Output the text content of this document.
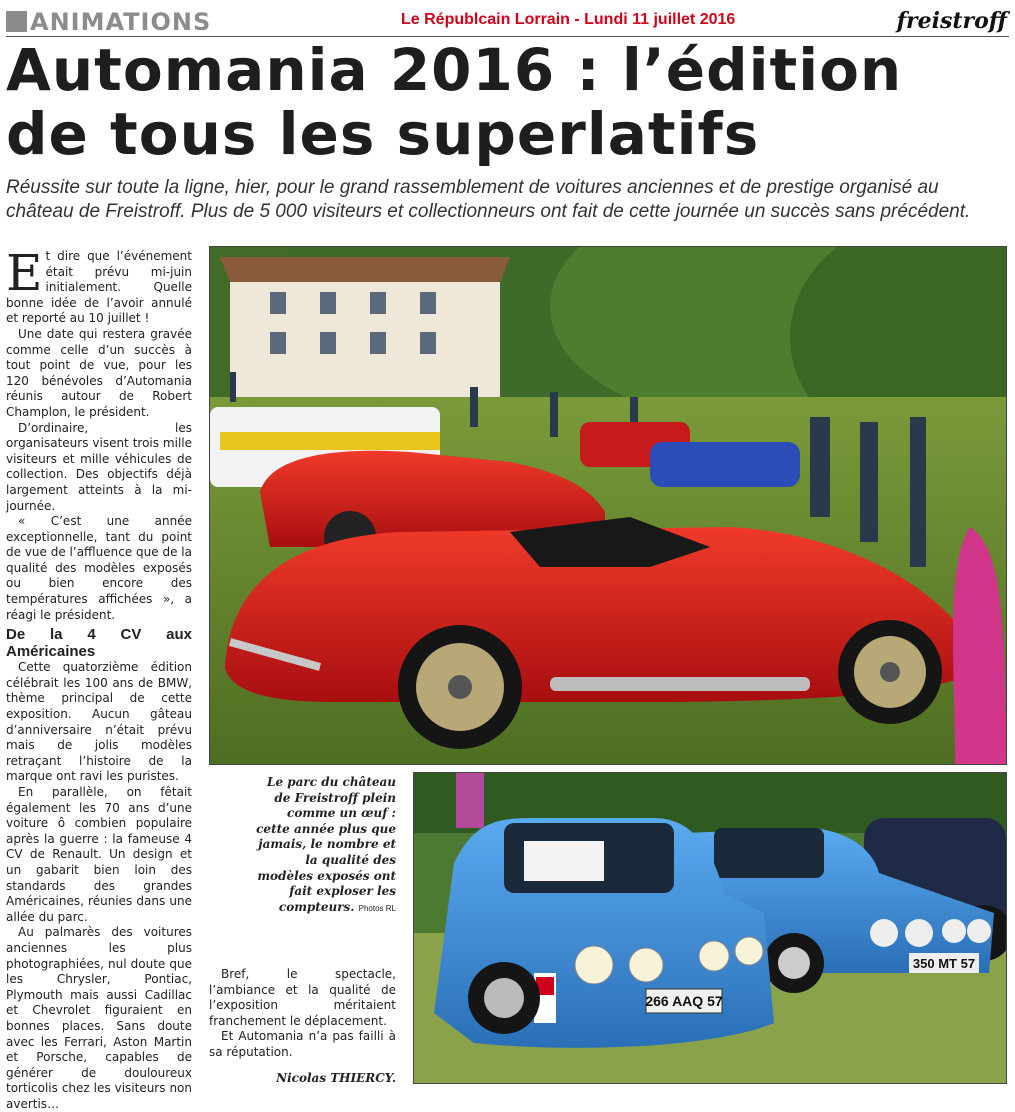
ANIMATIONS	Le Républcain Lorrain - Lundi 11 juillet 2016	freistroff
Automania 2016 : l’édition
de tous les superlatifs

Réussite sur toute la ligne, hier, pour le grand rassemblement de voitures anciennes et de prestige organisé au château de Freistroff. Plus de 5 000 visiteurs et collectionneurs ont fait de cette journée un succès sans précédent.

Et dire que l’événement était prévu mi-juin initialement. Quelle bonne idée de l’avoir annulé et reporté au 10 juillet !

Une date qui restera gravée comme celle d’un succès à tout point de vue, pour les 120 bénévoles d’Automania réunis autour de Robert Champlon, le président.

D’ordinaire, les organisateurs visent trois mille visiteurs et mille véhicules de collection. Des objectifs déjà largement atteints à la mi-journée.

« C’est une année exceptionnelle, tant du point de vue de l’affluence que de la qualité des modèles exposés ou bien encore des températures affichées », a réagi le président.

De la 4 CV aux Américaines

Cette quatorzième édition célébrait les 100 ans de BMW, thème principal de cette exposition. Aucun gâteau d’anniversaire n’était prévu mais de jolis modèles retraçant l’histoire de la marque ont ravi les puristes.

En parallèle, on fêtait également les 70 ans d’une voiture ô combien populaire après la guerre : la fameuse 4 CV de Renault. Un design et un gabarit bien loin des standards des grandes Américaines, réunies dans une allée du parc.

Au palmarès des voitures anciennes les plus photographiées, nul doute que les Chrysler, Pontiac, Plymouth mais aussi Cadillac et Chevrolet figuraient en bonnes places. Sans doute avec les Ferrari, Aston Martin et Porsche, capables de générer de douloureux torticolis chez les visiteurs non avertis…

Le parc du château de Freistroff plein comme un œuf : cette année plus que jamais, le nombre et la qualité des modèles exposés ont fait exploser les compteurs. Photos RL
350 MT 57
266 AAQ 57

Bref, le spectacle, l’ambiance et la qualité de l’exposition méritaient franchement le déplacement.

Et Automania n’a pas failli à sa réputation.

Nicolas THIERCY.
